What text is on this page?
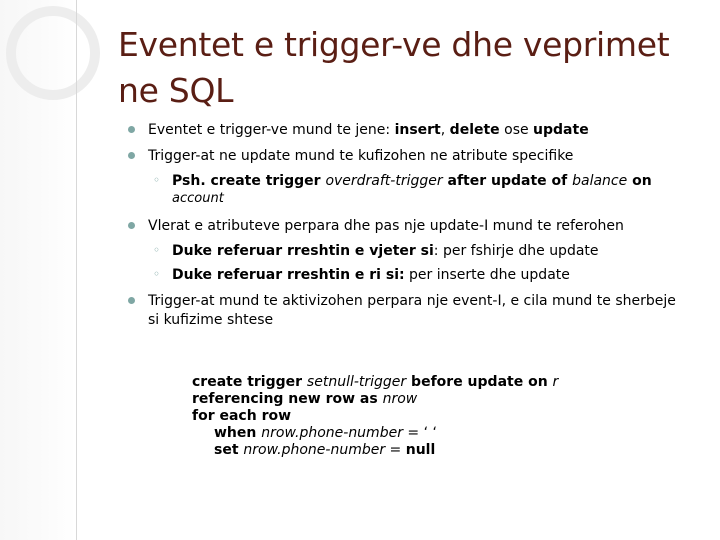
Eventet e trigger-ve dhe veprimet
ne SQL
Eventet e trigger-ve mund te jene: insert, delete ose update
Trigger-at ne update mund te kufizohen ne atribute specifike
◦ Psh. create trigger overdraft-trigger after update of balance on
account
Vlerat e atributeve perpara dhe pas nje update-I mund te referohen
◦ Duke referuar rreshtin e vjeter si: per fshirje dhe update
◦ Duke referuar rreshtin e ri si: per inserte dhe update
Trigger-at mund te aktivizohen perpara nje event-I, e cila mund te sherbeje
si kufizime shtese
create trigger setnull-trigger before update on r
referencing new row as nrow
for each row
when nrow.phone-number = ‘ ‘
set nrow.phone-number = null
